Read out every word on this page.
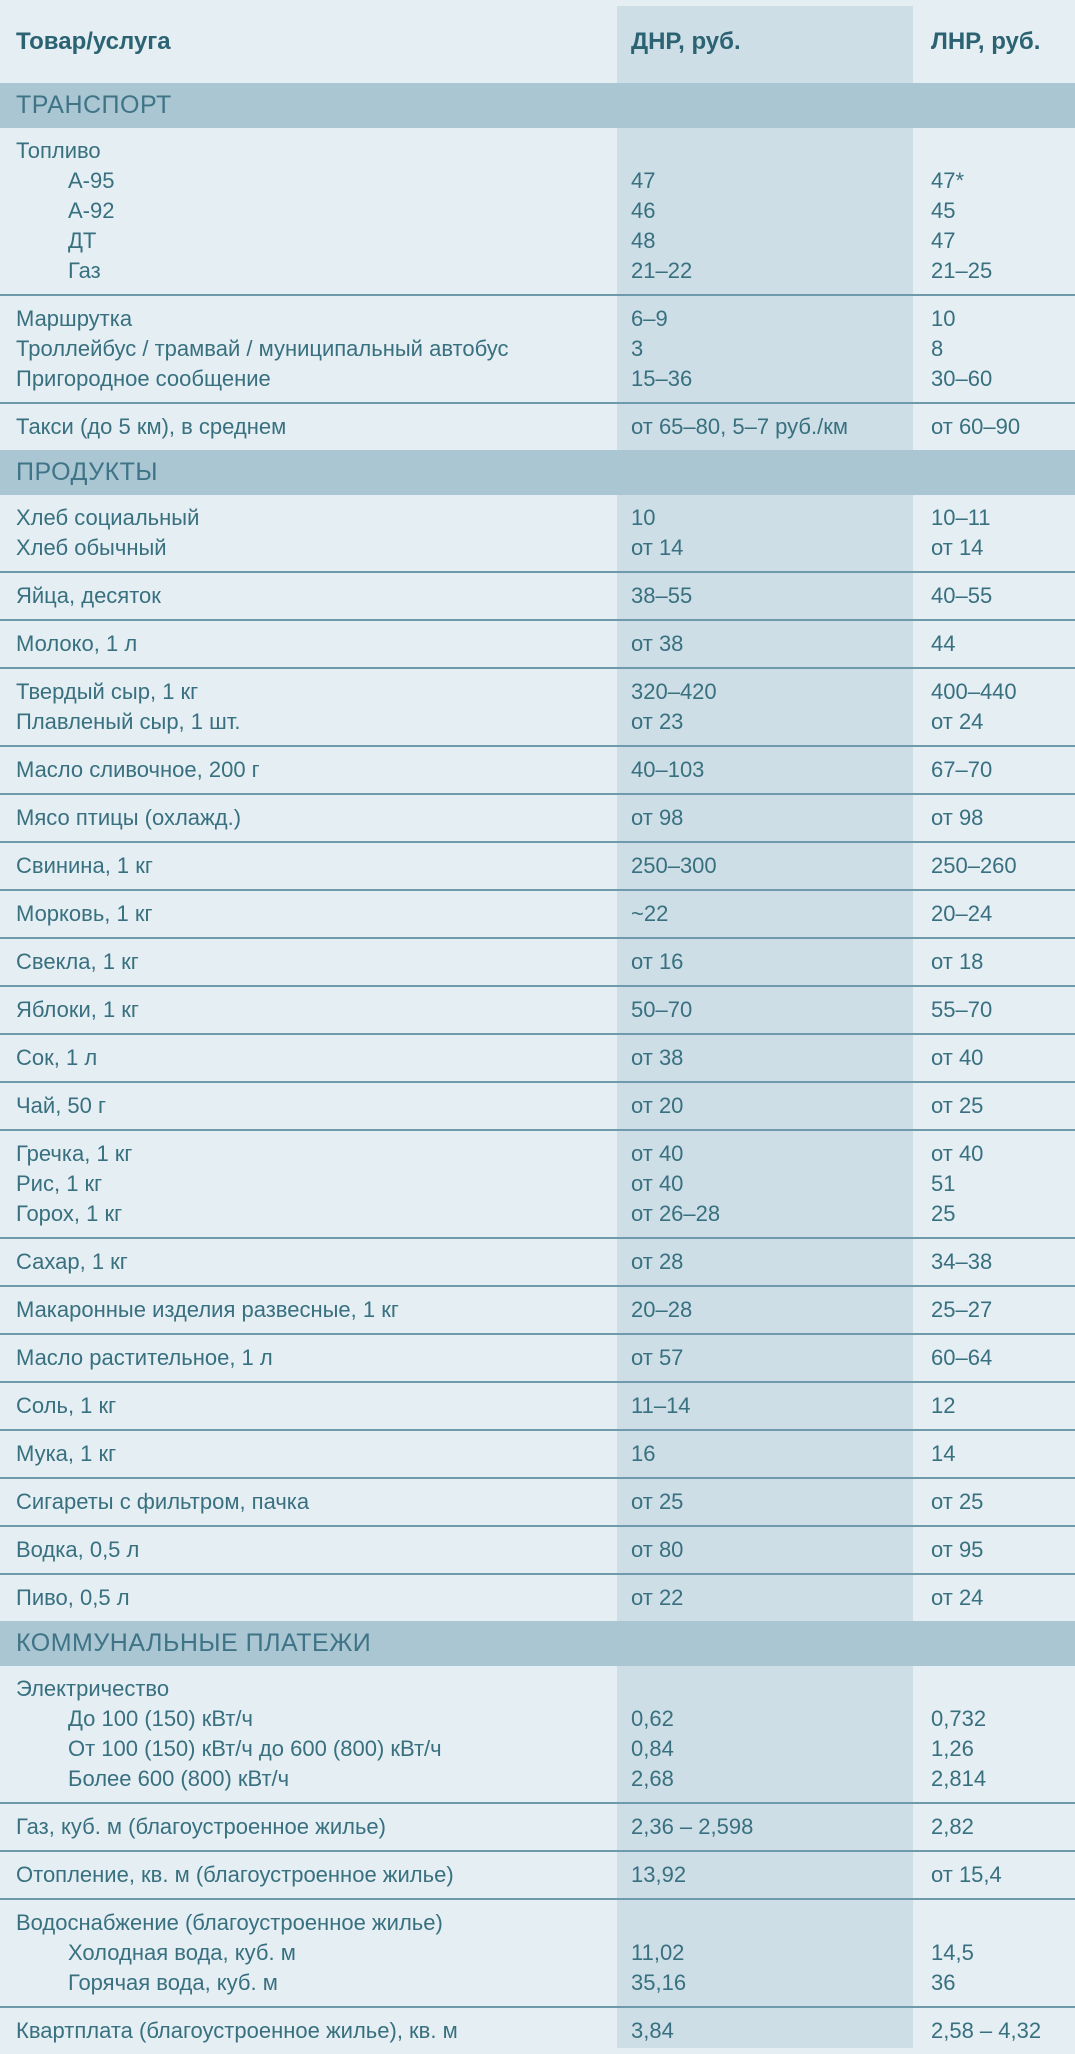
Товар/услуга	ДНР, руб.	ЛНР, руб.
ТРАНСПОРТ
Топливо
А-95	47	47*
А-92	46	45
ДТ	48	47
Газ	21–22	21–25
Маршрутка	6–9	10
Троллейбус / трамвай / муниципальный автобус	3	8
Пригородное сообщение	15–36	30–60
Такси (до 5 км), в среднем	от 65–80, 5–7 руб./км	от 60–90
ПРОДУКТЫ
Хлеб социальный	10	10–11
Хлеб обычный	от 14	от 14
Яйца, десяток	38–55	40–55
Молоко, 1 л	от 38	44
Твердый сыр, 1 кг	320–420	400–440
Плавленый сыр, 1 шт.	от 23	от 24
Масло сливочное, 200 г	40–103	67–70
Мясо птицы (охлажд.)	от 98	от 98
Свинина, 1 кг	250–300	250–260
Морковь, 1 кг	~22	20–24
Свекла, 1 кг	от 16	от 18
Яблоки, 1 кг	50–70	55–70
Сок, 1 л	от 38	от 40
Чай, 50 г	от 20	от 25
Гречка, 1 кг	от 40	от 40
Рис, 1 кг	от 40	51
Горох, 1 кг	от 26–28	25
Сахар, 1 кг	от 28	34–38
Макаронные изделия развесные, 1 кг	20–28	25–27
Масло растительное, 1 л	от 57	60–64
Соль, 1 кг	11–14	12
Мука, 1 кг	16	14
Сигареты с фильтром, пачка	от 25	от 25
Водка, 0,5 л	от 80	от 95
Пиво, 0,5 л	от 22	от 24
КОММУНАЛЬНЫЕ ПЛАТЕЖИ
Электричество
До 100 (150) кВт/ч	0,62	0,732
От 100 (150) кВт/ч до 600 (800) кВт/ч	0,84	1,26
Более 600 (800) кВт/ч	2,68	2,814
Газ, куб. м (благоустроенное жилье)	2,36 – 2,598	2,82
Отопление, кв. м (благоустроенное жилье)	13,92	от 15,4
Водоснабжение (благоустроенное жилье)
Холодная вода, куб. м	11,02	14,5
Горячая вода, куб. м	35,16	36
Квартплата (благоустроенное жилье), кв. м	3,84	2,58 – 4,32
